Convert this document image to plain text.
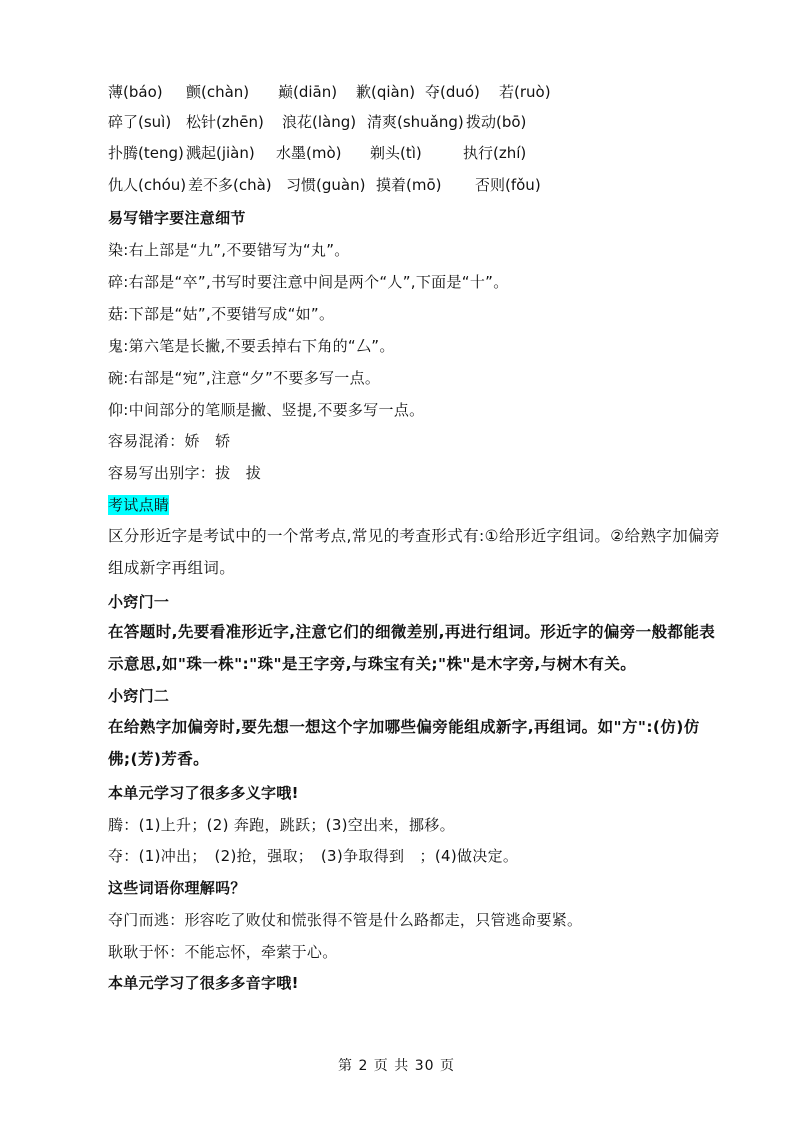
薄(báo) 颤(chàn) 巅(diān) 歉(qiàn) 夺(duó) 若(ruò)
碎了(suì) 松针(zhēn) 浪花(làng) 清爽(shuǎng) 拨动(bō)
扑腾(teng) 溅起(jiàn) 水墨(mò) 剃头(tì)	执行(zhí)
仇人(chóu) 差不多(chà) 习惯(guàn) 摸着(mō) 否则(fǒu)
易写错字要注意细节
染:右上部是“九”,不要错写为“丸”。
碎:右部是“卒”,书写时要注意中间是两个“人”,下面是“十”。
菇:下部是“姑”,不要错写成“如”。
鬼:第六笔是长撇,不要丢掉右下角的“厶”。
碗:右部是“宛”,注意“夕”不要多写一点。
仰:中间部分的笔顺是撇、竖提,不要多写一点。
容易混淆：娇　轿
容易写出别字：拔　拔
考试点睛
区分形近字是考试中的一个常考点,常见的考查形式有:①给形近字组词。②给熟字加偏旁组成新字再组词。
小窍门一
在答题时,先要看准形近字,注意它们的细微差别,再进行组词。形近字的偏旁一般都能表示意思,如"珠一株":"珠"是王字旁,与珠宝有关;"株"是木字旁,与树木有关。
小窍门二
在给熟字加偏旁时,要先想一想这个字加哪些偏旁能组成新字,再组词。如"方":(仿)仿佛;(芳)芳香。
本单元学习了很多多义字哦!
腾：(1)上升；(2) 奔跑，跳跃；(3)空出来，挪移。
夺：(1)冲出；　(2)抢，强取；　(3)争取得到　；(4)做决定。
这些词语你理解吗？
夺门而逃：形容吃了败仗和慌张得不管是什么路都走，只管逃命要紧。
耿耿于怀：不能忘怀，牵萦于心。
本单元学习了很多多音字哦!
第 2 页 共 30 页
